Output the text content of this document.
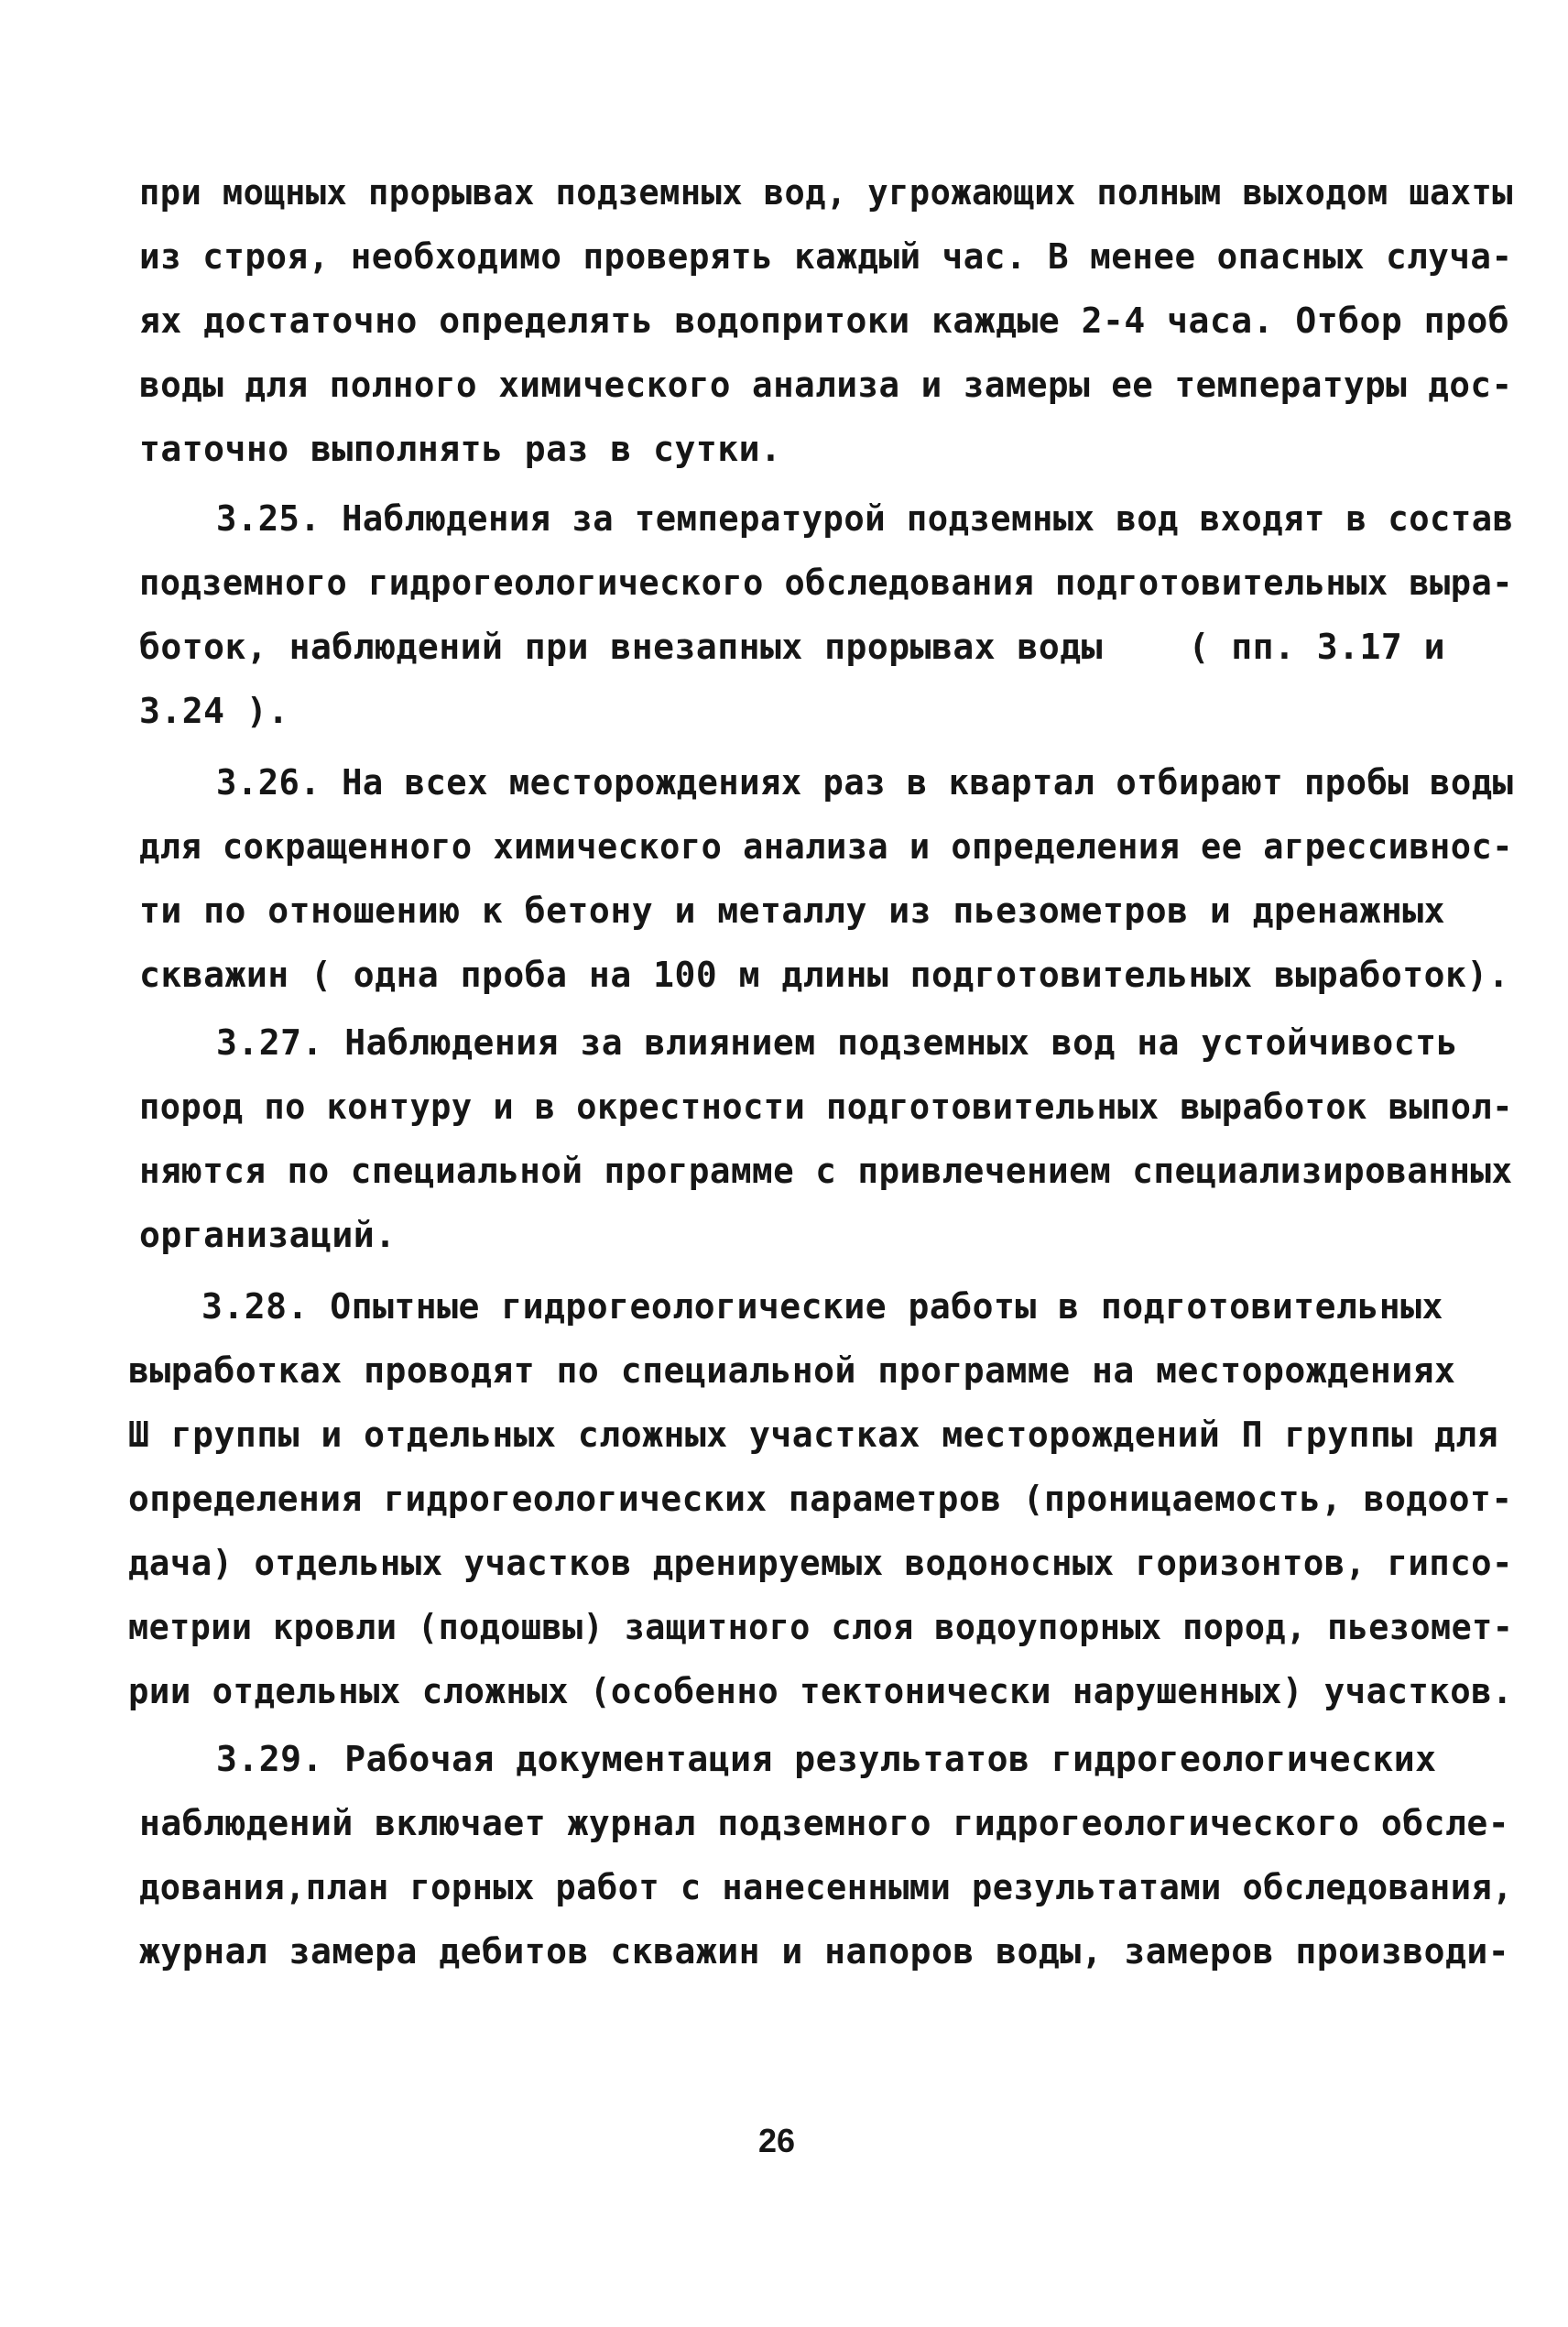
при мощных прорывах подземных вод, угрожающих полным выходом шахты
из строя, необходимо проверять каждый час. В менее опасных случа-
ях достаточно определять водопритоки каждые 2-4 часа. Отбор проб
воды для полного химического анализа и замеры ее температуры дос-
таточно выполнять раз в сутки.
3.25. Наблюдения за температурой подземных вод входят в состав
подземного гидрогеологического обследования подготовительных выра-
боток, наблюдений при внезапных прорывах воды    ( пп. 3.17 и
3.24 ).
3.26. На всех месторождениях раз в квартал отбирают пробы воды
для сокращенного химического анализа и определения ее агрессивнос-
ти по отношению к бетону и металлу из пьезометров и дренажных
скважин ( одна проба на 100 м длины подготовительных выработок).
3.27. Наблюдения за влиянием подземных вод на устойчивость
пород по контуру и в окрестности подготовительных выработок выпол-
няются по специальной программе с привлечением специализированных
организаций.
3.28. Опытные гидрогеологические работы в подготовительных
выработках проводят по специальной программе на месторождениях
Ш группы и отдельных сложных участках месторождений П группы для
определения гидрогеологических параметров (проницаемость, водоот-
дача) отдельных участков дренируемых водоносных горизонтов, гипсо-
метрии кровли (подошвы) защитного слоя водоупорных пород, пьезомет-
рии отдельных сложных (особенно тектонически нарушенных) участков.
3.29. Рабочая документация результатов гидрогеологических
наблюдений включает журнал подземного гидрогеологического обсле-
дования,план горных работ с нанесенными результатами обследования,
журнал замера дебитов скважин и напоров воды, замеров производи-
26
